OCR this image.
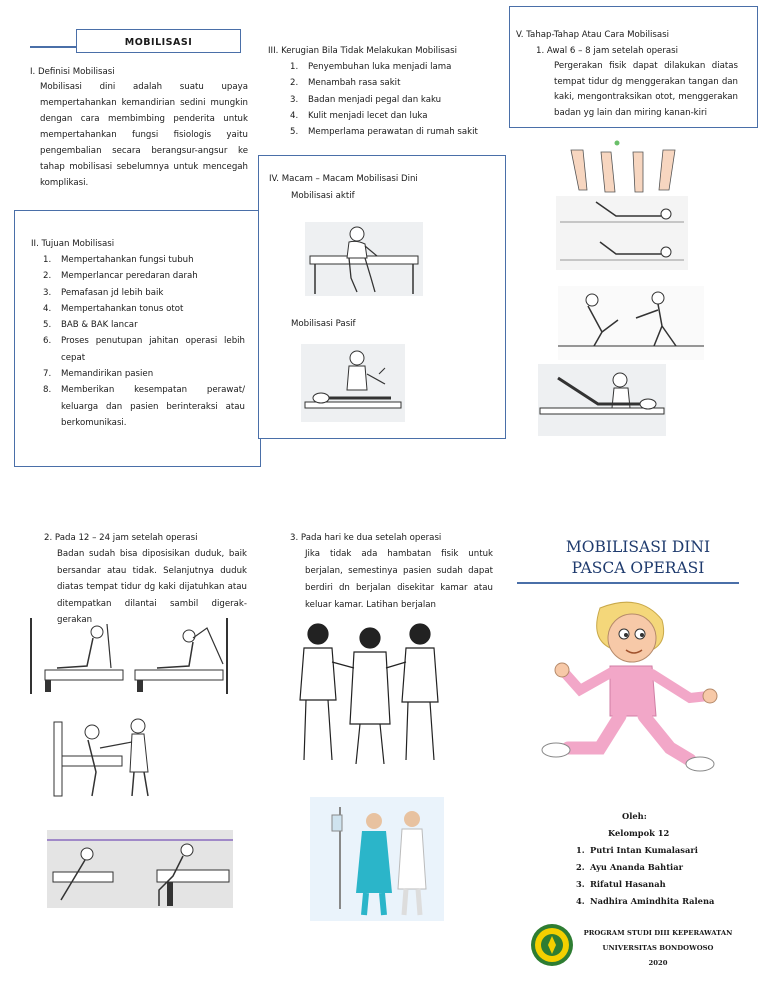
MOBILISASI
I. Definisi Mobilisasi
Mobilisasi dini adalah suatu upaya mempertahankan kemandirian sedini mungkin dengan cara membimbing penderita untuk mempertahankan fungsi fisiologis yaitu pengembalian secara berangsur-angsur ke tahap mobilisasi sebelumnya untuk mencegah komplikasi.
II. Tujuan Mobilisasi
1. Mempertahankan fungsi tubuh
2. Memperlancar peredaran darah
3. Pemafasan jd lebih baik
4. Mempertahankan tonus otot
5. BAB & BAK lancar
6. Proses penutupan jahitan operasi lebih cepat
7. Memandirikan pasien
8. Memberikan kesempatan perawat/ keluarga dan pasien berinteraksi atau berkomunikasi.
III. Kerugian Bila Tidak Melakukan Mobilisasi
1. Penyembuhan luka menjadi lama
2. Menambah rasa sakit
3. Badan menjadi pegal dan kaku
4. Kulit menjadi lecet dan luka
5. Memperlama perawatan di rumah sakit
IV. Macam – Macam Mobilisasi Dini
Mobilisasi aktif
Mobilisasi Pasif
V. Tahap-Tahap Atau Cara Mobilisasi
1. Awal 6 – 8 jam setelah operasi
Pergerakan fisik dapat dilakukan diatas tempat tidur dg menggerakan tangan dan kaki, mengontraksikan otot, menggerakan badan yg lain dan miring kanan-kiri
2. Pada 12 – 24 jam setelah operasi
Badan sudah bisa diposisikan duduk, baik bersandar atau tidak. Selanjutnya duduk diatas tempat tidur dg kaki dijatuhkan atau ditempatkan dilantai sambil digerak-gerakan
3. Pada hari ke dua setelah operasi
Jika tidak ada hambatan fisik untuk berjalan, semestinya pasien sudah dapat berdiri dn berjalan disekitar kamar atau keluar kamar. Latihan berjalan
MOBILISASI DINI
PASCA OPERASI
Oleh:
Kelompok 12
1. Putri Intan Kumalasari
2. Ayu Ananda Bahtiar
3. Rifatul Hasanah
4. Nadhira Amindhita Ralena
PROGRAM STUDI DIII KEPERAWATAN
UNIVERSITAS BONDOWOSO
2020
